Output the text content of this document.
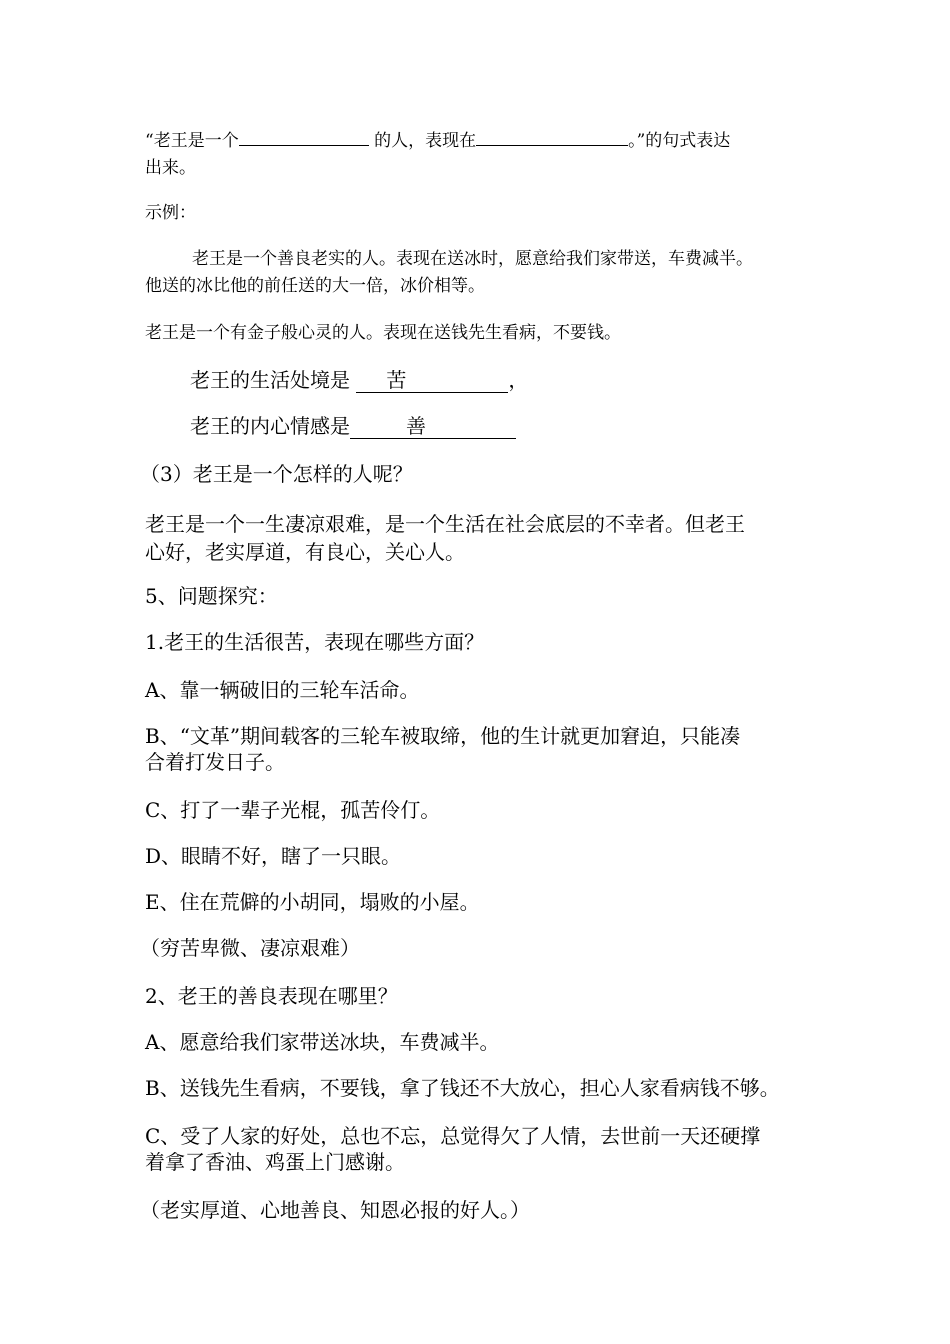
“老王是一个	的人，表现在	。”的句式表达

出来。

示例：

老王是一个善良老实的人。表现在送冰时，愿意给我们家带送，车费减半。

他送的冰比他的前任送的大一倍，冰价相等。

老王是一个有金子般心灵的人。表现在送钱先生看病，不要钱。

老王的生活处境是 苦	，

老王的内心情感是	善

（3）老王是一个怎样的人呢？

老王是一个一生凄凉艰难，是一个生活在社会底层的不幸者。但老王

心好，老实厚道，有良心，关心人。

5、问题探究：

1.老王的生活很苦，表现在哪些方面？

A、靠一辆破旧的三轮车活命。

B、“文革”期间载客的三轮车被取缔，他的生计就更加窘迫，只能凑

合着打发日子。

C、打了一辈子光棍，孤苦伶仃。

D、眼睛不好，瞎了一只眼。

E、住在荒僻的小胡同，塌败的小屋。

（穷苦卑微、凄凉艰难）

2、老王的善良表现在哪里？

A、愿意给我们家带送冰块，车费减半。

B、送钱先生看病，不要钱，拿了钱还不大放心，担心人家看病钱不够。

C、受了人家的好处，总也不忘，总觉得欠了人情，去世前一天还硬撑

着拿了香油、鸡蛋上门感谢。

（老实厚道、心地善良、知恩必报的好人。）
